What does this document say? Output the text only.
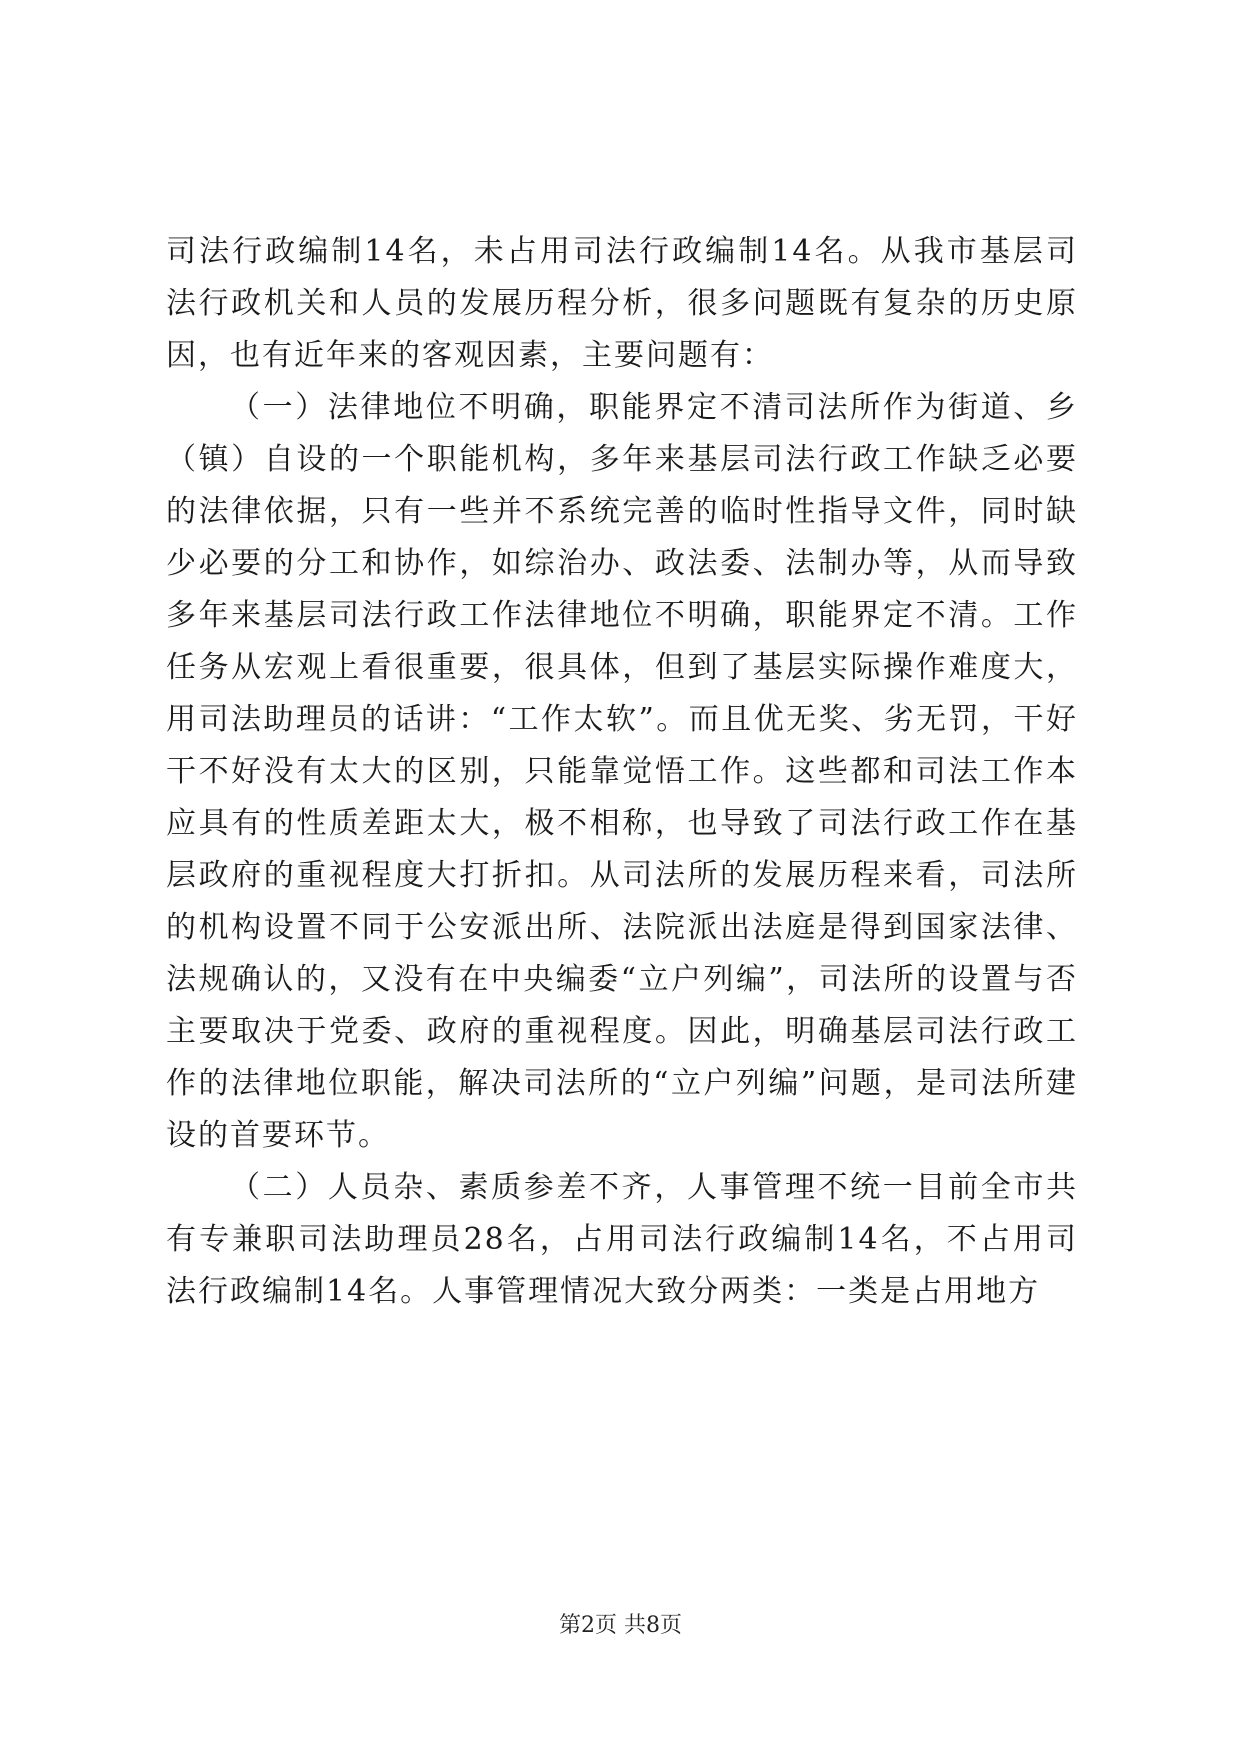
司法行政编制14名，未占用司法行政编制14名。从我市基层司法行政机关和人员的发展历程分析，很多问题既有复杂的历史原因，也有近年来的客观因素，主要问题有：

（一）法律地位不明确，职能界定不清司法所作为街道、乡（镇）自设的一个职能机构，多年来基层司法行政工作缺乏必要的法律依据，只有一些并不系统完善的临时性指导文件，同时缺少必要的分工和协作，如综治办、政法委、法制办等，从而导致多年来基层司法行政工作法律地位不明确，职能界定不清。工作任务从宏观上看很重要，很具体，但到了基层实际操作难度大，用司法助理员的话讲：“工作太软”。而且优无奖、劣无罚，干好干不好没有太大的区别，只能靠觉悟工作。这些都和司法工作本应具有的性质差距太大，极不相称，也导致了司法行政工作在基层政府的重视程度大打折扣。从司法所的发展历程来看，司法所的机构设置不同于公安派出所、法院派出法庭是得到国家法律、法规确认的，又没有在中央编委“立户列编”，司法所的设置与否主要取决于党委、政府的重视程度。因此，明确基层司法行政工作的法律地位职能，解决司法所的“立户列编”问题，是司法所建设的首要环节。

（二）人员杂、素质参差不齐，人事管理不统一目前全市共有专兼职司法助理员28名，占用司法行政编制14名，不占用司法行政编制14名。人事管理情况大致分两类：一类是占用地方

第2页 共8页
